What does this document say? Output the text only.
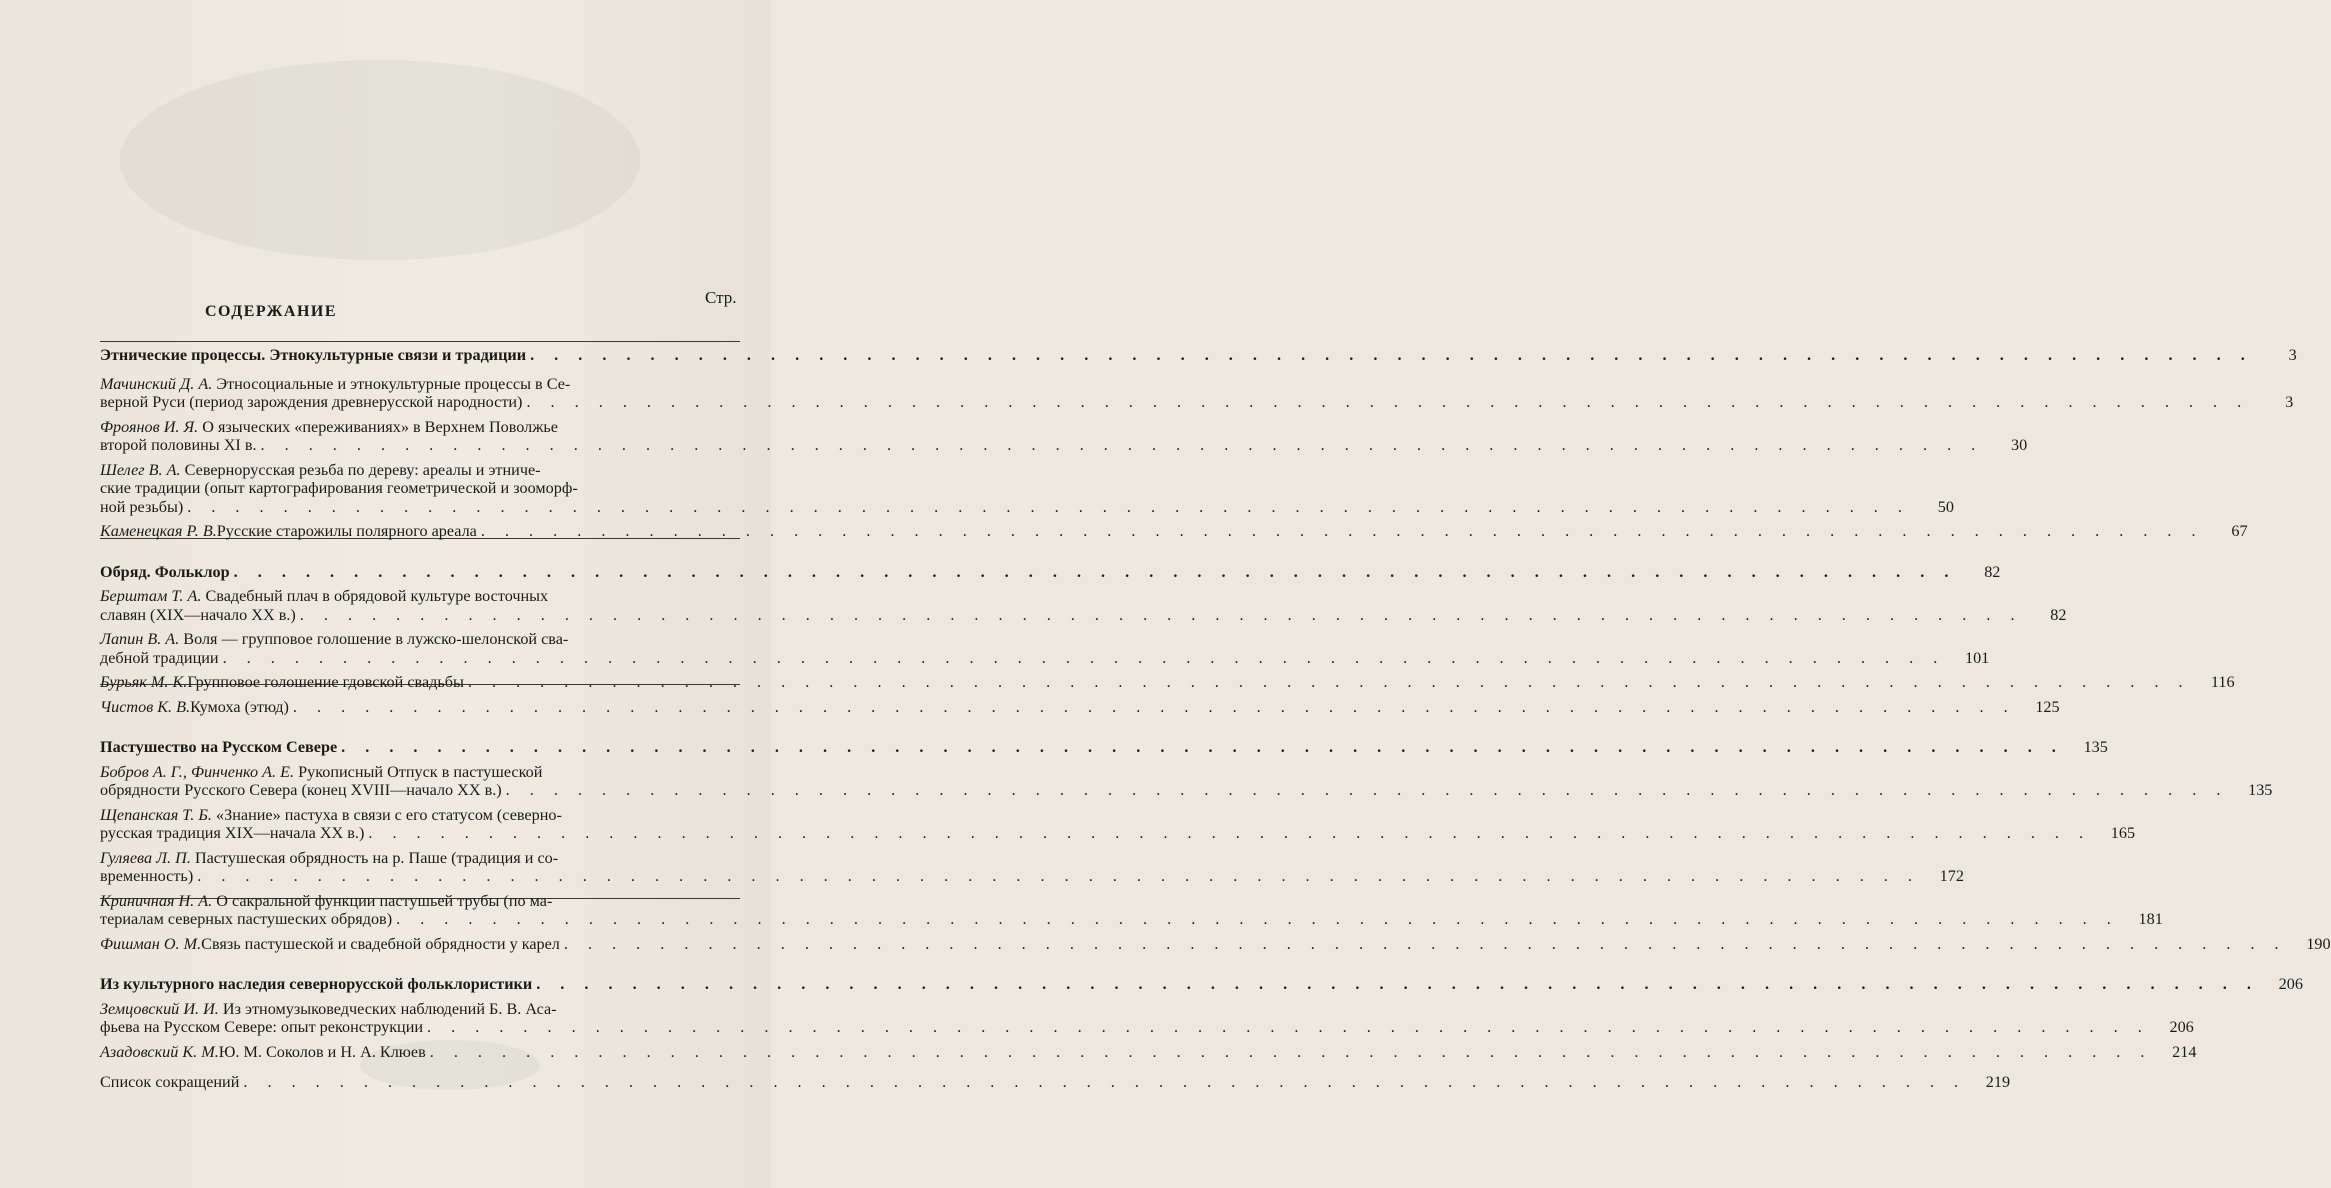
Стр.
СОДЕРЖАНИЕ
Этнические процессы. Этнокультурные связи и традиции . . . . . . . . . . . . . . . . . . . . . . . . . . . . . . . . . . . . . . . . . . . . . . . . . . . . . . . . . . . . . . . . . . . . . . . .	3
Мачинский Д. А. Этносоциальные и этнокультурные процессы в Се-
верной Руси (период зарождения древнерусской народности) . . . . . . . . . . . . . . . . . . . . . . . . . . . . . . . . . . . . . . . . . . . . . . . . . . . . . . . . . . . . . . . . . . . . . . . .	3
Фроянов И. Я. О языческих «переживаниях» в Верхнем Поволжье
второй половины XI в. . . . . . . . . . . . . . . . . . . . . . . . . . . . . . . . . . . . . . . . . . . . . . . . . . . . . . . . . . . . . . . . . . . . . . . . .	30
Шелег В. А. Севернорусская резьба по дереву: ареалы и этниче-
ские традиции (опыт картографирования геометрической и зооморф-
ной резьбы) . . . . . . . . . . . . . . . . . . . . . . . . . . . . . . . . . . . . . . . . . . . . . . . . . . . . . . . . . . . . . . . . . . . . . . . .	50
Каменецкая Р. В. Русские старожилы полярного ареала . . . . . . . . . . . . . . . . . . . . . . . . . . . . . . . . . . . . . . . . . . . . . . . . . . . . . . . . . . . . . . . . . . . . . . . .	67
Обряд. Фольклор . . . . . . . . . . . . . . . . . . . . . . . . . . . . . . . . . . . . . . . . . . . . . . . . . . . . . . . . . . . . . . . . . . . . . . . .	82
Берштам Т. А. Свадебный плач в обрядовой культуре восточных
славян (XIX—начало XX в.) . . . . . . . . . . . . . . . . . . . . . . . . . . . . . . . . . . . . . . . . . . . . . . . . . . . . . . . . . . . . . . . . . . . . . . . .	82
Лапин В. А. Воля — групповое голошение в лужско-шелонской сва-
дебной традиции . . . . . . . . . . . . . . . . . . . . . . . . . . . . . . . . . . . . . . . . . . . . . . . . . . . . . . . . . . . . . . . . . . . . . . . .	101
Бурьяк М. К. Групповое голошение гдовской свадьбы . . . . . . . . . . . . . . . . . . . . . . . . . . . . . . . . . . . . . . . . . . . . . . . . . . . . . . . . . . . . . . . . . . . . . . . .	116
Чистов К. В. Кумоха (этюд) . . . . . . . . . . . . . . . . . . . . . . . . . . . . . . . . . . . . . . . . . . . . . . . . . . . . . . . . . . . . . . . . . . . . . . . .	125
Пастушество на Русском Севере . . . . . . . . . . . . . . . . . . . . . . . . . . . . . . . . . . . . . . . . . . . . . . . . . . . . . . . . . . . . . . . . . . . . . . . .	135
Бобров А. Г., Финченко А. Е. Рукописный Отпуск в пастушеской
обрядности Русского Севера (конец XVIII—начало XX в.) . . . . . . . . . . . . . . . . . . . . . . . . . . . . . . . . . . . . . . . . . . . . . . . . . . . . . . . . . . . . . . . . . . . . . . . .	135
Щепанская Т. Б. «Знание» пастуха в связи с его статусом (северно-
русская традиция XIX—начала XX в.) . . . . . . . . . . . . . . . . . . . . . . . . . . . . . . . . . . . . . . . . . . . . . . . . . . . . . . . . . . . . . . . . . . . . . . . .	165
Гуляева Л. П. Пастушеская обрядность на р. Паше (традиция и со-
временность) . . . . . . . . . . . . . . . . . . . . . . . . . . . . . . . . . . . . . . . . . . . . . . . . . . . . . . . . . . . . . . . . . . . . . . . .	172
Криничная Н. А. О сакральной функции пастушьей трубы (по ма-
териалам северных пастушеских обрядов) . . . . . . . . . . . . . . . . . . . . . . . . . . . . . . . . . . . . . . . . . . . . . . . . . . . . . . . . . . . . . . . . . . . . . . . .	181
Фишман О. М. Связь пастушеской и свадебной обрядности у карел . . . . . . . . . . . . . . . . . . . . . . . . . . . . . . . . . . . . . . . . . . . . . . . . . . . . . . . . . . . . . . . . . . . . . . . .	190
Из культурного наследия севернорусской фольклористики . . . . . . . . . . . . . . . . . . . . . . . . . . . . . . . . . . . . . . . . . . . . . . . . . . . . . . . . . . . . . . . . . . . . . . . .	206
Земцовский И. И. Из этномузыковедческих наблюдений Б. В. Аса-
фьева на Русском Севере: опыт реконструкции . . . . . . . . . . . . . . . . . . . . . . . . . . . . . . . . . . . . . . . . . . . . . . . . . . . . . . . . . . . . . . . . . . . . . . . .	206
Азадовский К. М. Ю. М. Соколов и Н. А. Клюев . . . . . . . . . . . . . . . . . . . . . . . . . . . . . . . . . . . . . . . . . . . . . . . . . . . . . . . . . . . . . . . . . . . . . . . .	214
Список сокращений . . . . . . . . . . . . . . . . . . . . . . . . . . . . . . . . . . . . . . . . . . . . . . . . . . . . . . . . . . . . . . . . . . . . . . . .	219
